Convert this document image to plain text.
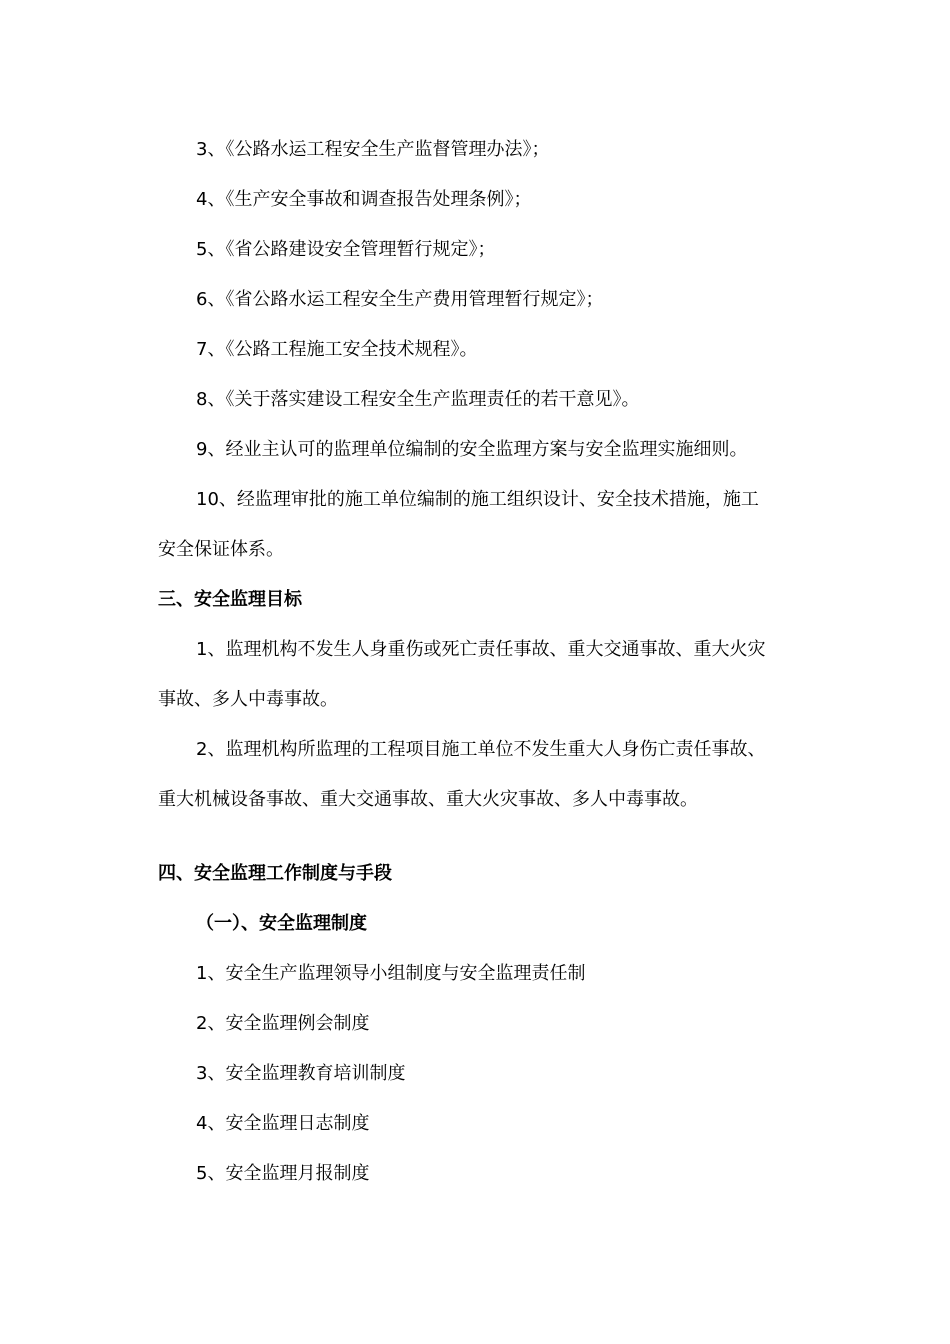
3、《公路水运工程安全生产监督管理办法》；

4、《生产安全事故和调查报告处理条例》；

5、《省公路建设安全管理暂行规定》；

6、《省公路水运工程安全生产费用管理暂行规定》；

7、《公路工程施工安全技术规程》。

8、《关于落实建设工程安全生产监理责任的若干意见》。

9、经业主认可的监理单位编制的安全监理方案与安全监理实施细则。

10、经监理审批的施工单位编制的施工组织设计、安全技术措施，施工

安全保证体系。

三、安全监理目标

1、监理机构不发生人身重伤或死亡责任事故、重大交通事故、重大火灾

事故、多人中毒事故。

2、监理机构所监理的工程项目施工单位不发生重大人身伤亡责任事故、

重大机械设备事故、重大交通事故、重大火灾事故、多人中毒事故。

四、安全监理工作制度与手段

（一）、安全监理制度

1、安全生产监理领导小组制度与安全监理责任制

2、安全监理例会制度

3、安全监理教育培训制度

4、安全监理日志制度

5、安全监理月报制度
